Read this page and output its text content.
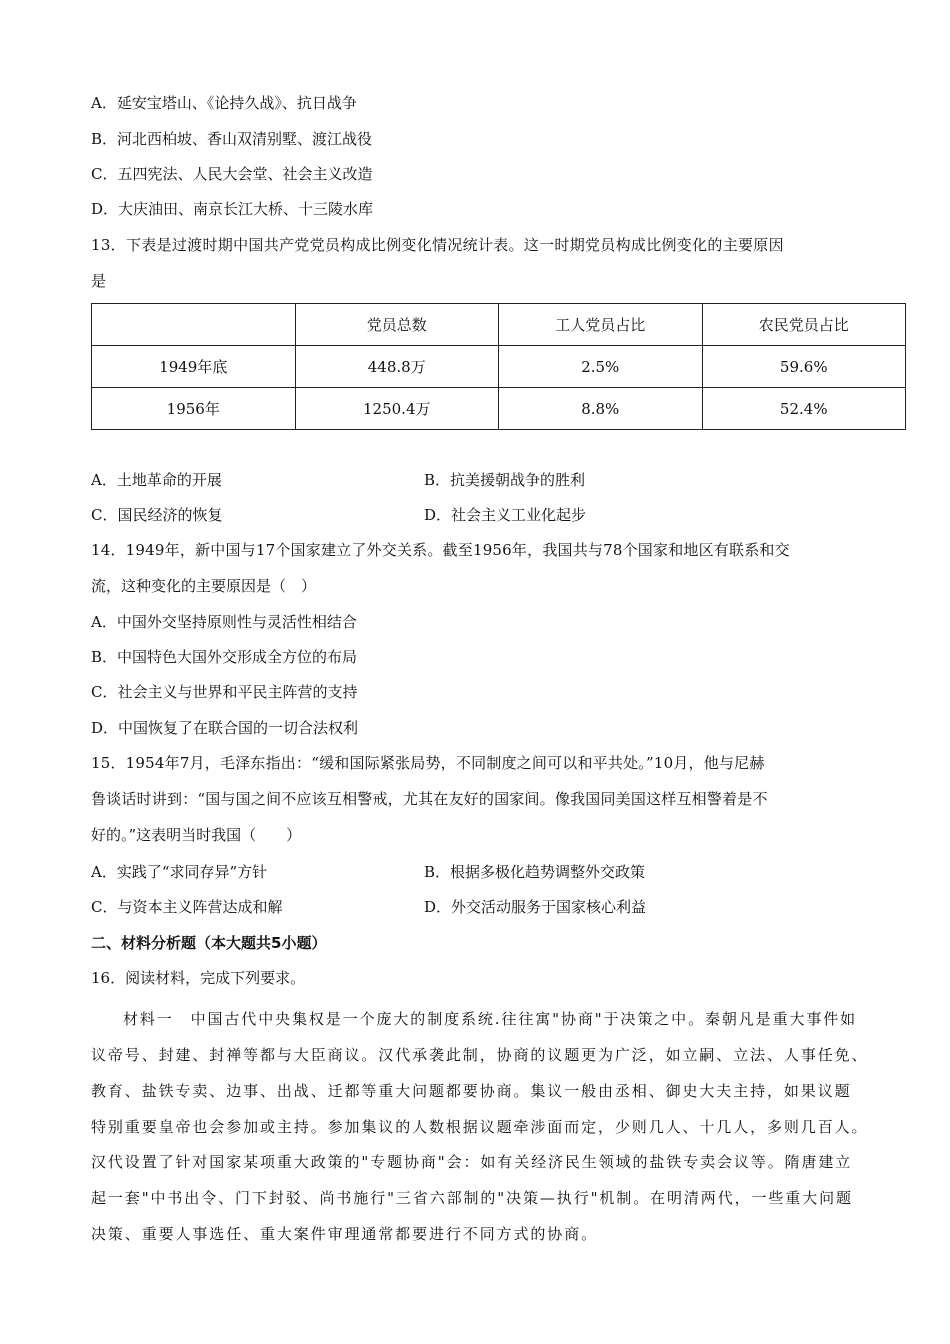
A．延安宝塔山、《论持久战》、抗日战争
B．河北西柏坡、香山双清别墅、渡江战役
C．五四宪法、人民大会堂、社会主义改造
D．大庆油田、南京长江大桥、十三陵水库
13．下表是过渡时期中国共产党党员构成比例变化情况统计表。这一时期党员构成比例变化的主要原因
是
	党员总数	工人党员占比	农民党员占比
1949年底	448.8万	2.5%	59.6%
1956年	1250.4万	8.8%	52.4%
A．土地革命的开展	B．抗美援朝战争的胜利
C．国民经济的恢复	D．社会主义工业化起步
14．1949年，新中国与17个国家建立了外交关系。截至1956年，我国共与78个国家和地区有联系和交
流，这种变化的主要原因是（　）
A．中国外交坚持原则性与灵活性相结合
B．中国特色大国外交形成全方位的布局
C．社会主义与世界和平民主阵营的支持
D．中国恢复了在联合国的一切合法权利
15．1954年7月，毛泽东指出：“缓和国际紧张局势，不同制度之间可以和平共处。”10月，他与尼赫
鲁谈话时讲到：“国与国之间不应该互相警戒，尤其在友好的国家间。像我国同美国这样互相警着是不
好的。”这表明当时我国（　　）
A．实践了“求同存异”方针	B．根据多极化趋势调整外交政策
C．与资本主义阵营达成和解	D．外交活动服务于国家核心利益
二、材料分析题（本大题共5小题）
16．阅读材料，完成下列要求。
材料一　中国古代中央集权是一个庞大的制度系统.往往寓"协商"于决策之中。秦朝凡是重大事件如
议帝号、封建、封禅等都与大臣商议。汉代承袭此制，协商的议题更为广泛，如立嗣、立法、人事任免、
教育、盐铁专卖、边事、出战、迁都等重大问题都要协商。集议一般由丞相、御史大夫主持，如果议题
特别重要皇帝也会参加或主持。参加集议的人数根据议题牵涉面而定，少则几人、十几人，多则几百人。
汉代设置了针对国家某项重大政策的"专题协商"会：如有关经济民生领域的盐铁专卖会议等。隋唐建立
起一套"中书出令、门下封驳、尚书施行"三省六部制的"决策—执行"机制。在明清两代，一些重大问题
决策、重要人事选任、重大案件审理通常都要进行不同方式的协商。
